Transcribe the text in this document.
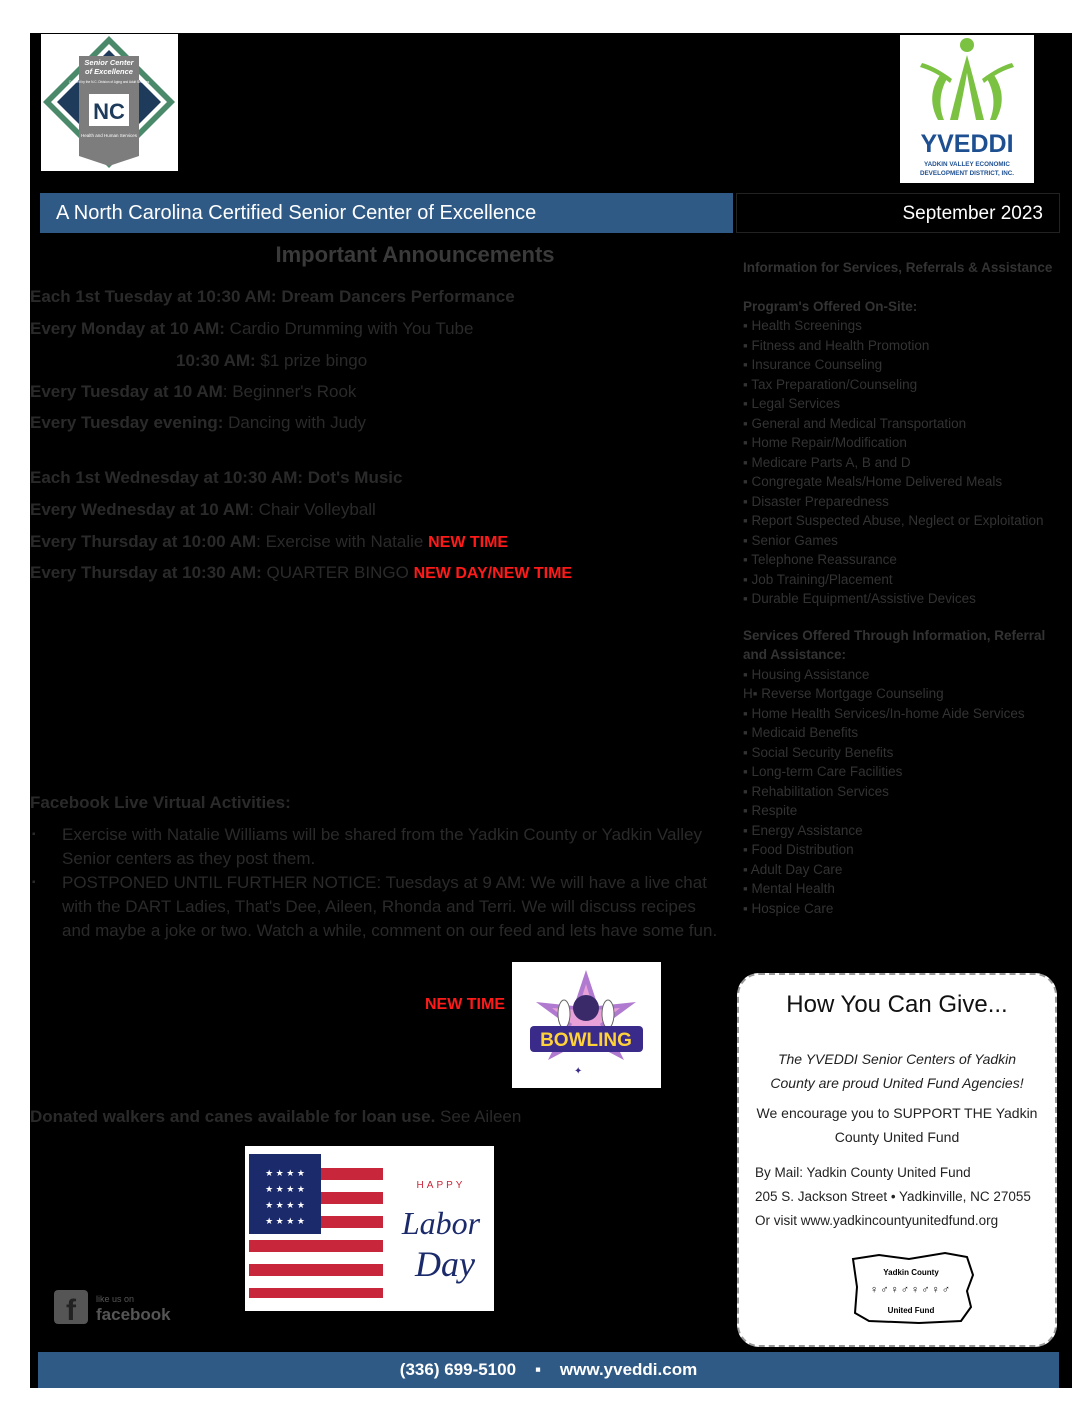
Senior Center
of Excellence
Certified by the N.C. Division of Aging and Adult Services
NC
Health and Human Services	YVEDDI
YADKIN VALLEY ECONOMIC
DEVELOPMENT DISTRICT, INC.
A North Carolina Certified Senior Center of Excellence	September 2023
Important Announcements
Each 1st Tuesday at 10:30 AM: Dream Dancers Performance
Every Monday at 10 AM: Cardio Drumming with You Tube
10:30 AM: $1 prize bingo
Every Tuesday at 10 AM: Beginner's Rook
Every Tuesday evening: Dancing with Judy
Each 1st Wednesday at 10:30 AM: Dot's Music
Every Wednesday at 10 AM: Chair Volleyball
Every Thursday at 10:00 AM: Exercise with Natalie NEW TIME
Every Thursday at 10:30 AM: QUARTER BINGO NEW DAY/NEW TIME
Facebook Live Virtual Activities:
▪ Exercise with Natalie Williams will be shared from the Yadkin County or Yadkin Valley Senior centers as they post them.
▪ POSTPONED UNTIL FURTHER NOTICE: Tuesdays at 9 AM: We will have a live chat with the DART Ladies, That's Dee, Aileen, Rhonda and Terri. We will discuss recipes and maybe a joke or two. Watch a while, comment on our feed and lets have some fun.
NEW TIME
BOWLING
✦
Donated walkers and canes available for loan use. See Aileen
★ ★ ★ ★
★ ★ ★ ★
★ ★ ★ ★
★ ★ ★ ★
HAPPY
Labor
Day
f like us on
facebook
Information for Services, Referrals & Assistance
Program's Offered On-Site:
▪ Health Screenings
▪ Fitness and Health Promotion
▪ Insurance Counseling
▪ Tax Preparation/Counseling
▪ Legal Services
▪ General and Medical Transportation
▪ Home Repair/Modification
▪ Medicare Parts A, B and D
▪ Congregate Meals/Home Delivered Meals
▪ Disaster Preparedness
▪ Report Suspected Abuse, Neglect or Exploitation
▪ Senior Games
▪ Telephone Reassurance
▪ Job Training/Placement
▪ Durable Equipment/Assistive Devices
Services Offered Through Information, Referral and Assistance:
▪ Housing Assistance
H▪ Reverse Mortgage Counseling
▪ Home Health Services/In-home Aide Services
▪ Medicaid Benefits
▪ Social Security Benefits
▪ Long-term Care Facilities
▪ Rehabilitation Services
▪ Respite
▪ Energy Assistance
▪ Food Distribution
▪ Adult Day Care
▪ Mental Health
▪ Hospice Care
How You Can Give...
The YVEDDI Senior Centers of Yadkin County are proud United Fund Agencies!
We encourage you to SUPPORT THE Yadkin County United Fund
By Mail: Yadkin County United Fund
205 S. Jackson Street • Yadkinville, NC 27055
Or visit www.yadkincountyunitedfund.org
Yadkin County
♀♂♀♂♀♂♀♂
United Fund
(336) 699-5100 ▪ www.yveddi.com
